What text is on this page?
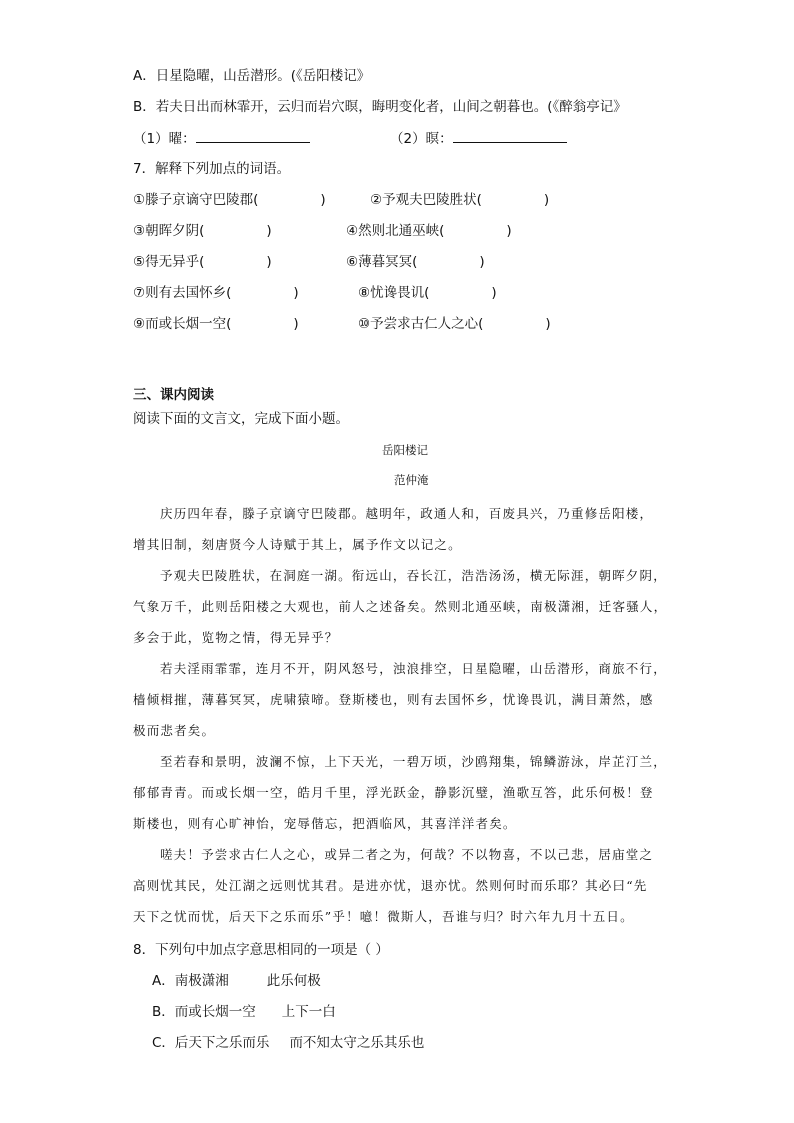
A．日星隐曜，山岳潜形。(《岳阳楼记》
B．若夫日出而林霏开，云归而岩穴暝，晦明变化者，山间之朝暮也。(《醉翁亭记》
（1）曜：	（2）暝：
7．解释下列加点的词语。
①滕子京谪守巴陵郡(	)	②予观夫巴陵胜状(	)
③朝晖夕阴(	)	④然则北通巫峡(	)
⑤得无异乎(	)	⑥薄暮冥冥(	)
⑦则有去国怀乡(	)	⑧忧谗畏讥(	)
⑨而或长烟一空(	)	⑩予尝求古仁人之心(	)
三、课内阅读
阅读下面的文言文，完成下面小题。
岳阳楼记
范仲淹
庆历四年春，滕子京谪守巴陵郡。越明年，政通人和，百废具兴，乃重修岳阳楼，
增其旧制，刻唐贤今人诗赋于其上，属予作文以记之。
予观夫巴陵胜状，在洞庭一湖。衔远山，吞长江，浩浩汤汤，横无际涯，朝晖夕阴，
气象万千，此则岳阳楼之大观也，前人之述备矣。然则北通巫峡，南极潇湘，迁客骚人，
多会于此，览物之情，得无异乎？
若夫淫雨霏霏，连月不开，阴风怒号，浊浪排空，日星隐曜，山岳潜形，商旅不行，
樯倾楫摧，薄暮冥冥，虎啸猿啼。登斯楼也，则有去国怀乡，忧谗畏讥，满目萧然，感
极而悲者矣。
至若春和景明，波澜不惊，上下天光，一碧万顷，沙鸥翔集，锦鳞游泳，岸芷汀兰，
郁郁青青。而或长烟一空，皓月千里，浮光跃金，静影沉璧，渔歌互答，此乐何极！登
斯楼也，则有心旷神怡，宠辱偕忘，把酒临风，其喜洋洋者矣。
嗟夫！予尝求古仁人之心，或异二者之为，何哉？不以物喜，不以己悲，居庙堂之
高则忧其民，处江湖之远则忧其君。是进亦忧，退亦忧。然则何时而乐耶？其必曰“先
天下之忧而忧，后天下之乐而乐”乎！噫！微斯人，吾谁与归？时六年九月十五日。
8．下列句中加点字意思相同的一项是（ ）
A．南极潇湘	此乐何极
B．而或长烟一空 上下一白
C．后天下之乐而乐 而不知太守之乐其乐也
